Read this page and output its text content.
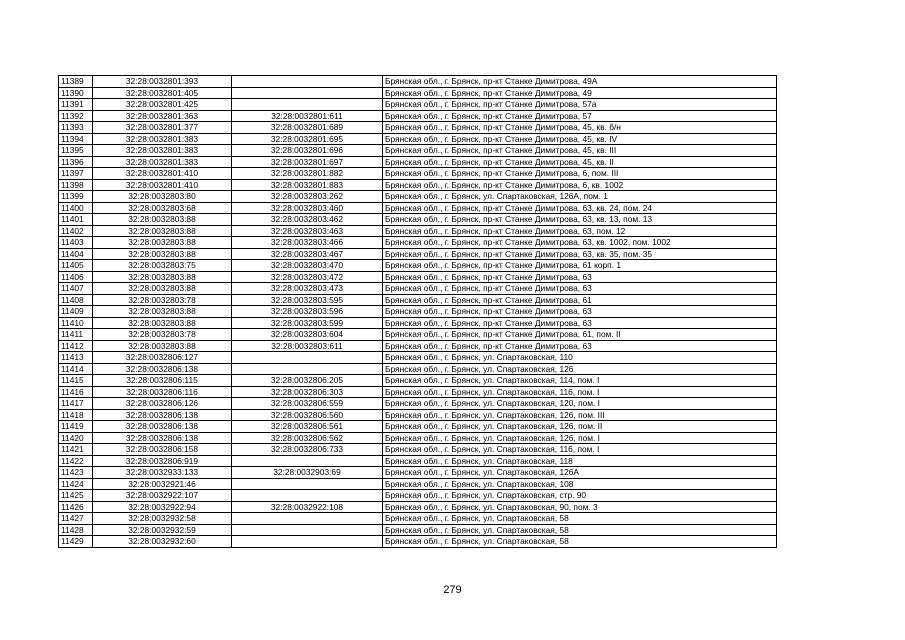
11389	32:28:0032801:393		Брянская обл., г. Брянск, пр-кт Станке Димитрова, 49А
11390	32:28:0032801:405		Брянская обл., г. Брянск, пр-кт Станке Димитрова, 49
11391	32:28:0032801:425		Брянская обл., г. Брянск, пр-кт Станке Димитрова, 57а
11392	32:28:0032801:363	32:28:0032801:611	Брянская обл., г. Брянск, пр-кт Станке Димитрова, 57
11393	32:28:0032801:377	32:28:0032801:689	Брянская обл., г. Брянск, пр-кт Станке Димитрова, 45, кв. б/н
11394	32:28:0032801:383	32:28:0032801:695	Брянская обл., г. Брянск, пр-кт Станке Димитрова, 45, кв. IV
11395	32:28:0032801:383	32:28:0032801:696	Брянская обл., г. Брянск, пр-кт Станке Димитрова, 45, кв. III
11396	32:28:0032801:383	32:28:0032801:697	Брянская обл., г. Брянск, пр-кт Станке Димитрова, 45, кв. II
11397	32:28:0032801:410	32:28:0032801:882	Брянская обл., г. Брянск, пр-кт Станке Димитрова, 6, пом. III
11398	32:28:0032801:410	32:28:0032801:883	Брянская обл., г. Брянск, пр-кт Станке Димитрова, 6, кв. 1002
11399	32:28:0032803:80	32:28:0032803:262	Брянская обл., г. Брянск, ул. Спартаковская, 126А, пом. 1
11400	32:28:0032803:68	32:28:0032803:460	Брянская обл., г. Брянск, пр-кт Станке Димитрова, 63, кв. 24, пом. 24
11401	32:28:0032803:88	32:28:0032803:462	Брянская обл., г. Брянск, пр-кт Станке Димитрова, 63, кв. 13, пом. 13
11402	32:28:0032803:88	32:28:0032803:463	Брянская обл., г. Брянск, пр-кт Станке Димитрова, 63, пом. 12
11403	32:28:0032803:88	32:28:0032803:466	Брянская обл., г. Брянск, пр-кт Станке Димитрова, 63, кв. 1002, пом. 1002
11404	32:28:0032803:88	32:28:0032803:467	Брянская обл., г. Брянск, пр-кт Станке Димитрова, 63, кв. 35, пом. 35
11405	32:28:0032803:75	32:28:0032803:470	Брянская обл., г. Брянск, пр-кт Станке Димитрова, 61 корп. 1
11406	32:28:0032803:88	32:28:0032803:472	Брянская обл., г. Брянск, пр-кт Станке Димитрова, 63
11407	32:28:0032803:88	32:28:0032803:473	Брянская обл., г. Брянск, пр-кт Станке Димитрова, 63
11408	32:28:0032803:78	32:28:0032803:595	Брянская обл., г. Брянск, пр-кт Станке Димитрова, 61
11409	32:28:0032803:88	32:28:0032803:596	Брянская обл., г. Брянск, пр-кт Станке Димитрова, 63
11410	32:28:0032803:88	32:28:0032803:599	Брянская обл., г. Брянск, пр-кт Станке Димитрова, 63
11411	32:28:0032803:78	32:28:0032803:604	Брянская обл., г. Брянск, пр-кт Станке Димитрова, 61, пом. II
11412	32:28:0032803:88	32:28:0032803:611	Брянская обл., г. Брянск, пр-кт Станке Димитрова, 63
11413	32:28:0032806:127		Брянская обл., г. Брянск, ул. Спартаковская, 110
11414	32:28:0032806:138		Брянская обл., г. Брянск, ул. Спартаковская, 126
11415	32:28:0032806:115	32:28:0032806:205	Брянская обл., г. Брянск, ул. Спартаковская, 114, пом. I
11416	32:28:0032806:116	32:28:0032806:303	Брянская обл., г. Брянск, ул. Спартаковская, 116, пом. I
11417	32:28:0032806:126	32:28:0032806:559	Брянская обл., г. Брянск, ул. Спартаковская, 120, пом. I
11418	32:28:0032806:138	32:28:0032806:560	Брянская обл., г. Брянск, ул. Спартаковская, 126, пом. III
11419	32:28:0032806:138	32:28:0032806:561	Брянская обл., г. Брянск, ул. Спартаковская, 126, пом. II
11420	32:28:0032806:138	32:28:0032806:562	Брянская обл., г. Брянск, ул. Спартаковская, 126, пом. I
11421	32:28:0032806:158	32:28:0032806:733	Брянская обл., г. Брянск, ул. Спартаковская, 116, пом. I
11422	32:28:0032806:919		Брянская обл., г. Брянск, ул. Спартаковская, 118
11423	32:28:0032933:133	32:28:0032903:69	Брянская обл., г. Брянск, ул. Спартаковская, 126А
11424	32:28:0032921:46		Брянская обл., г. Брянск, ул. Спартаковская, 108
11425	32:28:0032922:107		Брянская обл., г. Брянск, ул. Спартаковская, стр. 90
11426	32:28:0032922:94	32:28:0032922:108	Брянская обл., г. Брянск, ул. Спартаковская, 90, пом. 3
11427	32:28:0032932:58		Брянская обл., г. Брянск, ул. Спартаковская, 58
11428	32:28:0032932:59		Брянская обл., г. Брянск, ул. Спартаковская, 58
11429	32:28:0032932:60		Брянская обл., г. Брянск, ул. Спартаковская, 58
279
